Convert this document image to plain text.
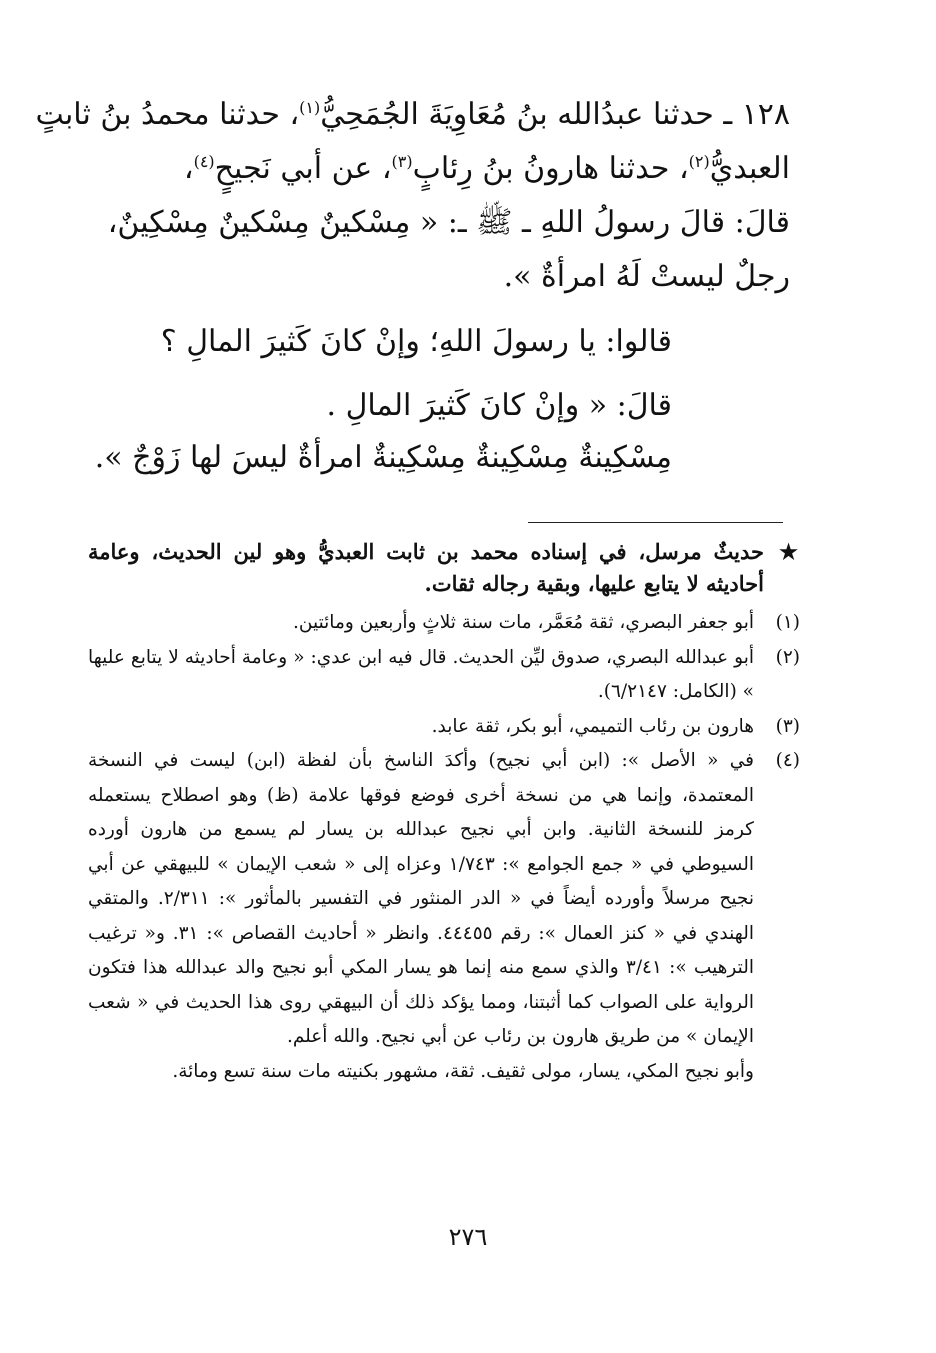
١٢٨ ـ حدثنا عبدُالله بنُ مُعَاوِيَةَ الجُمَحِيُّ$^{(١)}$، حدثنا محمدُ بنُ ثابتٍ
العبديُّ$^{(٢)}$، حدثنا هارونُ بنُ رِئابٍ$^{(٣)}$، عن أبي نَجيحٍ$^{(٤)}$،
قالَ: قالَ رسولُ اللهِ ـ ﷺ ـ: « مِسْكينٌ مِسْكينٌ مِسْكِينٌ،
رجلٌ ليستْ لَهُ امرأةٌ ».
قالوا: يا رسولَ اللهِ؛ وإنْ كانَ كَثيرَ المالِ ؟
قالَ: « وإنْ كانَ كَثيرَ المالِ .
مِسْكِينةٌ مِسْكِينةٌ مِسْكِينةٌ امرأةٌ ليسَ لها زَوْجٌ ».
★
حديثٌ مرسل، في إسناده محمد بن ثابت العبديُّ وهو لين الحديث، وعامة أحاديثه لا يتابع عليها، وبقية رجاله ثقات.
(١)
أبو جعفر البصري، ثقة مُعَمَّر، مات سنة ثلاثٍ وأربعين ومائتين.
(٢)
أبو عبدالله البصري، صدوق ليِّن الحديث. قال فيه ابن عدي: « وعامة أحاديثه لا يتابع عليها » (الكامل: ٦/٢١٤٧).
(٣)
هارون بن رئاب التميمي، أبو بكر، ثقة عابد.
(٤)
في « الأصل »: (ابن أبي نجيح) وأكدَ الناسخ بأن لفظة (ابن) ليست في النسخة المعتمدة، وإنما هي من نسخة أخرى فوضع فوقها علامة (ظ) وهو اصطلاح يستعمله كرمز للنسخة الثانية. وابن أبي نجيح عبدالله بن يسار لم يسمع من هارون أورده السيوطي في « جمع الجوامع »: ١/٧٤٣ وعزاه إلى « شعب الإيمان » للبيهقي عن أبي نجيح مرسلاً وأورده أيضاً في « الدر المنثور في التفسير بالمأثور »: ٢/٣١١. والمتقي الهندي في « كنز العمال »: رقم ٤٤٤٥٥. وانظر « أحاديث القصاص »: ٣١. و« ترغيب الترهيب »: ٣/٤١ والذي سمع منه إنما هو يسار المكي أبو نجيح والد عبدالله هذا فتكون الرواية على الصواب كما أثبتنا، ومما يؤكد ذلك أن البيهقي روى هذا الحديث في « شعب الإيمان » من طريق هارون بن رئاب عن أبي نجيح. والله أعلم.
وأبو نجيح المكي، يسار، مولى ثقيف. ثقة، مشهور بكنيته مات سنة تسع ومائة.
٢٧٦
